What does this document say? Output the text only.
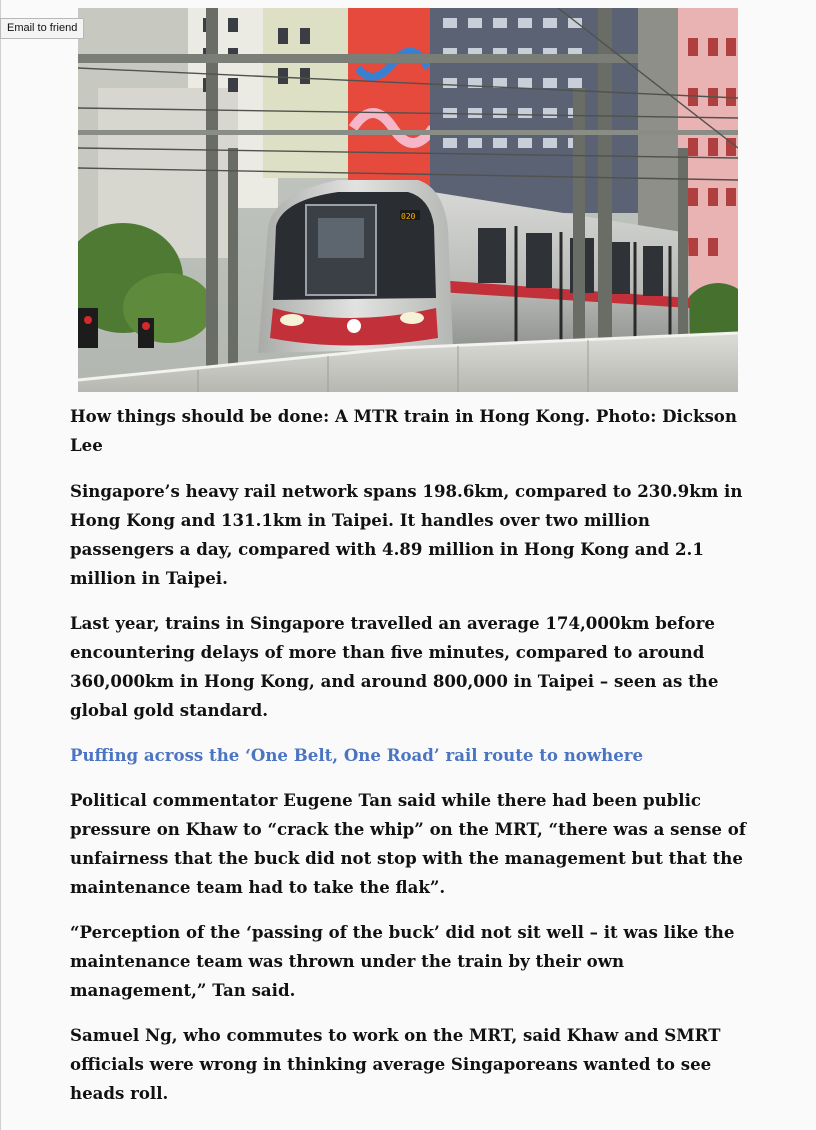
Email to friend
020

How things should be done: A MTR train in Hong Kong. Photo: Dickson Lee

Singapore’s heavy rail network spans 198.6km, compared to 230.9km in Hong Kong and 131.1km in Taipei. It handles over two million passengers a day, compared with 4.89 million in Hong Kong and 2.1 million in Taipei.

Last year, trains in Singapore travelled an average 174,000km before encountering delays of more than five minutes, compared to around 360,000km in Hong Kong, and around 800,000 in Taipei – seen as the global gold standard.

Puffing across the ‘One Belt, One Road’ rail route to nowhere

Political commentator Eugene Tan said while there had been public pressure on Khaw to “crack the whip” on the MRT, “there was a sense of unfairness that the buck did not stop with the management but that the maintenance team had to take the flak”.

“Perception of the ‘passing of the buck’ did not sit well – it was like the maintenance team was thrown under the train by their own management,” Tan said.

Samuel Ng, who commutes to work on the MRT, said Khaw and SMRT officials were wrong in thinking average Singaporeans wanted to see heads roll.
